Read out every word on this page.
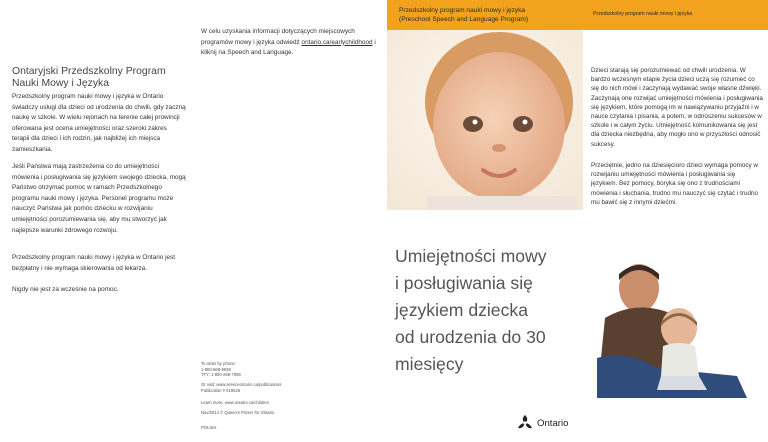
Ontaryjski Przedszkolny Program
Nauki Mowy i Języka

Przedszkolny program nauki mowy i języka w Ontario świadczy usługi dla dzieci od urodzenia do chwili, gdy zaczną naukę w szkole. W wielu rejonach na terenie całej prowincji oferowana jest ocena umiejętności oraz szeroki zakres terapii dla dzieci i ich rodzin, jak najbliżej ich miejsca zamieszkania.

Jeśli Państwa mają zastrzeżenia co do umiejętności mówienia i posługiwania się językiem swojego dziecka, mogą Państwo otrzymać pomoc w ramach Przedszkolnego programu nauki mowy i języka. Personel programu może nauczyć Państwa jak pomóc dziecku w rozwijaniu umiejętności porozumiewania się, aby mu stworzyć jak najlepsze warunki zdrowego rozwoju.

Przedszkolny program nauki mowy i języka w Ontario jest bezpłatny i nie wymaga skierowania od lekarza.

Nigdy nie jest za wcześnie na pomoc.

W celu uzyskania informacji dotyczących miejscowych programów mowy i języka odwiedź ontario.ca/earlychildhood i kliknij na Speech and Language.

To order by phone:
1-800-668-9938
TTY: 1-800-268-7095
Or visit: www.serviceontario.ca/publications
Publication # 019526
Learn more: www.ontario.ca/children
Nov/2014 © Queen's Printer for Ontario
POLISH
Przedszkolny program nauki mowy i języka
(Preschool Speech and Language Program)
Umiejętności mowy
i posługiwania się
językiem dziecka
od urodzenia do 30
miesięcy
Przedszkolny program nauki mowy i języka

Dzieci starają się porozumiewać od chwili urodzenia. W bardzo wczesnym etapie życia dzieci uczą się rozumieć co się do nich mówi i zaczynają wydawać swoje własne dźwięki. Zaczynają one rozwijać umiejętności mówienia i posługiwania się językiem, które pomogą im w nawiązywaniu przyjaźni i w nauce czytania i pisania, a potem, w odnoszeniu sukcesów w szkole i w całym życiu. Umiejętność komunikowania się jest dla dziecka niezbędna, aby mogło ono w przyszłości odnosić sukcesy.

Przeciętnie, jedno na dziesięcioro dzieci wymaga pomocy w rozwijaniu umiejętności mówienia i posługiwania się językiem. Bez pomocy, boryka się ono z trudnościami mówienia i słuchania, trudno mu nauczyć się czytać i trudno mu bawić się z innymi dziećmi.

Ontario
